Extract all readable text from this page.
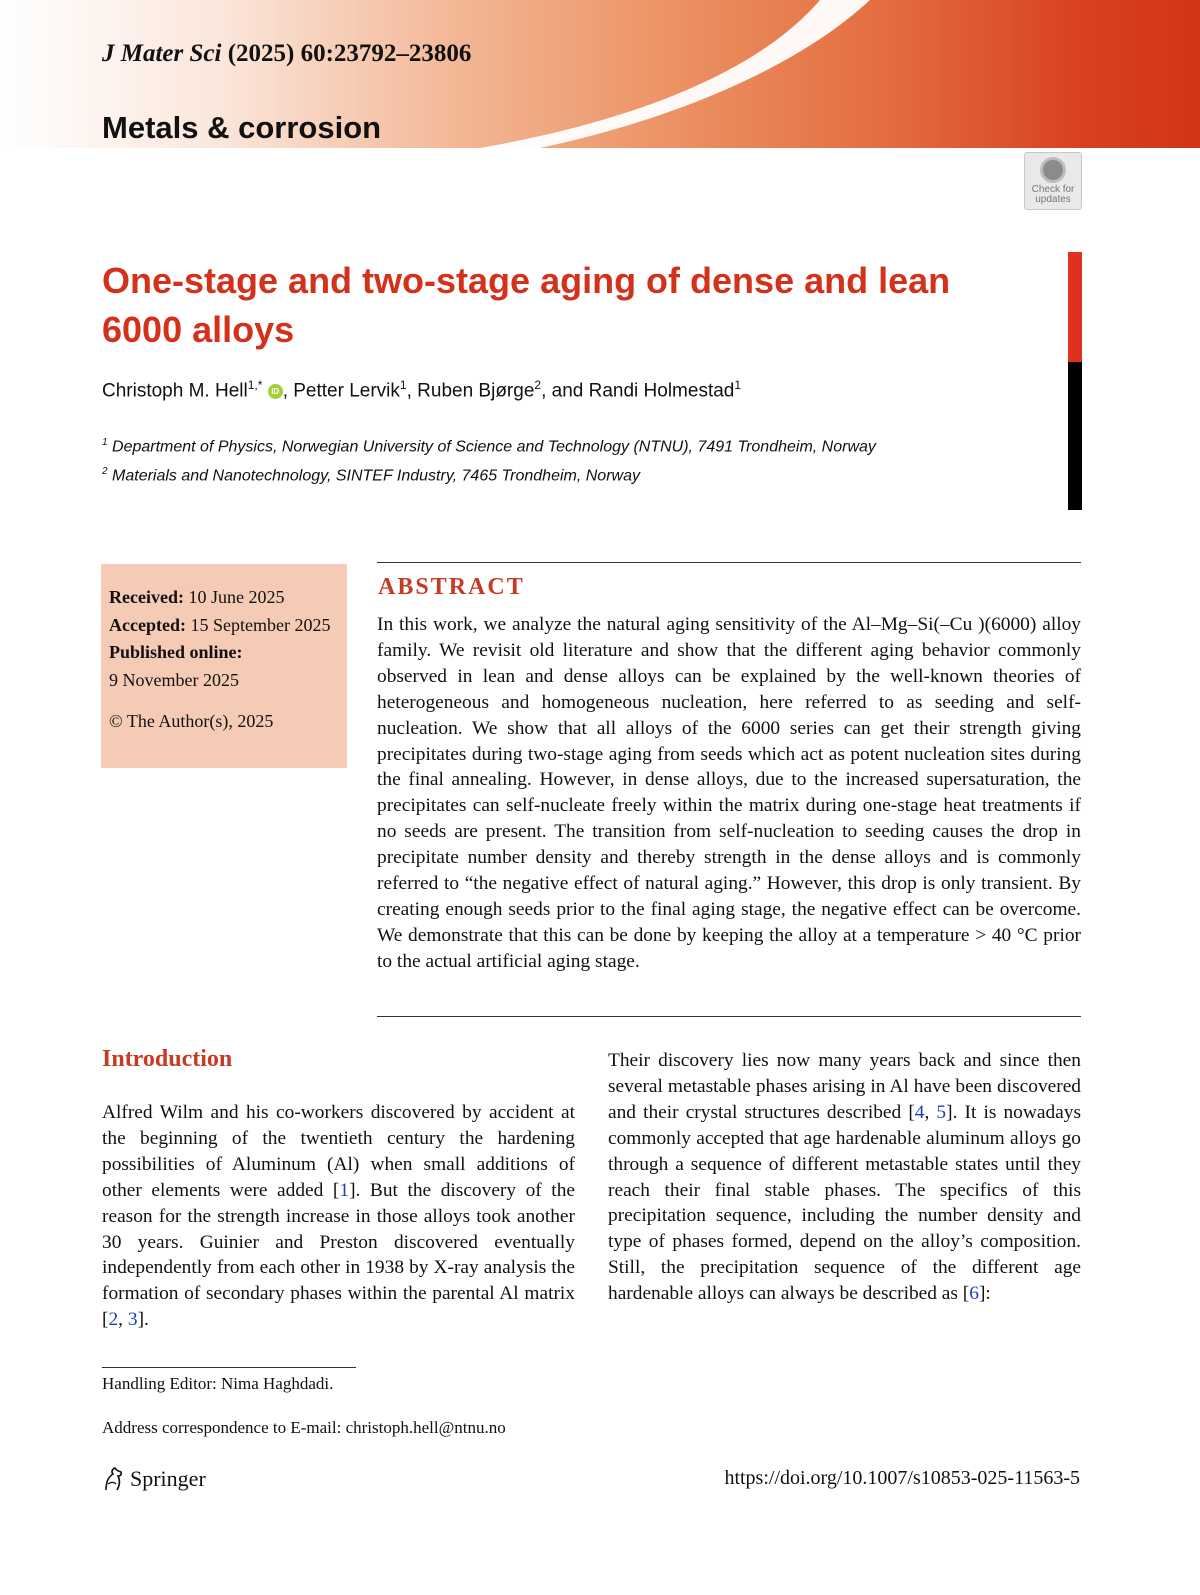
J Mater Sci (2025) 60:23792–23806
Metals & corrosion
Check for
updates
One-stage and two-stage aging of dense and lean 6000 alloys
Christoph M. Hell$^{1,*}$ iD , Petter Lervik$^1$, Ruben Bjørge$^2$, and Randi Holmestad$^1$
$^1$ Department of Physics, Norwegian University of Science and Technology (NTNU), 7491 Trondheim, Norway
$^2$ Materials and Nanotechnology, SINTEF Industry, 7465 Trondheim, Norway
Received: 10 June 2025
Accepted: 15 September 2025
Published online:
9 November 2025
© The Author(s), 2025
ABSTRACT
In this work, we analyze the natural aging sensitivity of the Al–Mg–Si(–Cu )(6000) alloy family. We revisit old literature and show that the different aging behavior commonly observed in lean and dense alloys can be explained by the well-known theories of heterogeneous and homogeneous nucleation, here referred to as seeding and self-nucleation. We show that all alloys of the 6000 series can get their strength giving precipitates during two-stage aging from seeds which act as potent nucleation sites during the final annealing. However, in dense alloys, due to the increased supersaturation, the precipitates can self-nucleate freely within the matrix during one-stage heat treatments if no seeds are present. The transition from self-nucleation to seeding causes the drop in precipitate number density and thereby strength in the dense alloys and is commonly referred to “the negative effect of natural aging.” However, this drop is only transient. By creating enough seeds prior to the final aging stage, the negative effect can be overcome. We demonstrate that this can be done by keeping the alloy at a temperature > 40 °C prior to the actual artificial aging stage.
Introduction
Alfred Wilm and his co-workers discovered by accident at the beginning of the twentieth century the hardening possibilities of Aluminum (Al) when small additions of other elements were added [1]. But the discovery of the reason for the strength increase in those alloys took another 30 years. Guinier and Preston discovered eventually independently from each other in 1938 by X-ray analysis the formation of secondary phases within the parental Al matrix [2, 3].
Their discovery lies now many years back and since then several metastable phases arising in Al have been discovered and their crystal structures described [4, 5]. It is nowadays commonly accepted that age hardenable aluminum alloys go through a sequence of different metastable states until they reach their final stable phases. The specifics of this precipitation sequence, including the number density and type of phases formed, depend on the alloy’s composition. Still, the precipitation sequence of the different age hardenable alloys can always be described as [6]:
Handling Editor: Nima Haghdadi.
Address correspondence to E-mail: christoph.hell@ntnu.no
Springer	https://doi.org/10.1007/s10853-025-11563-5
